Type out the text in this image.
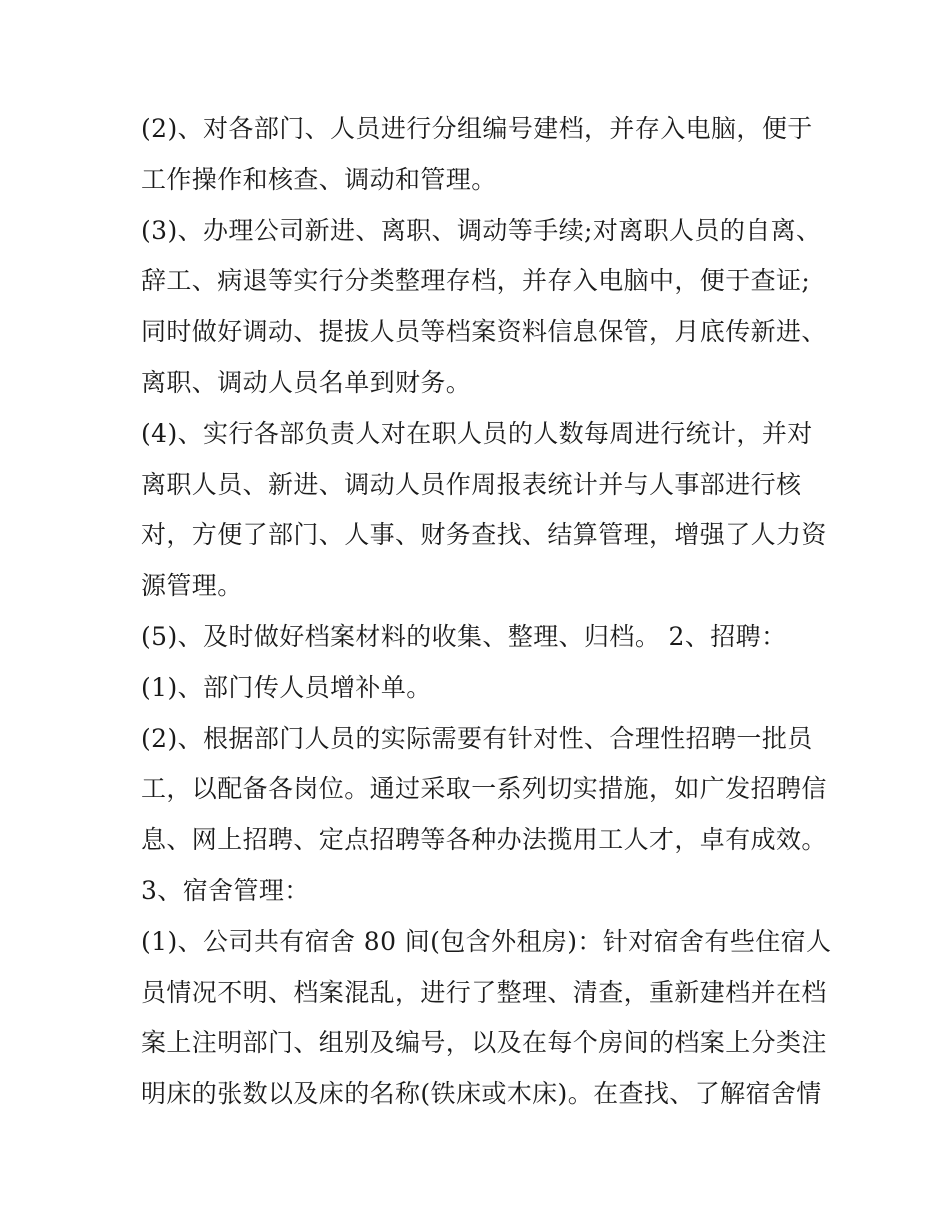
(2)、对各部门、人员进行分组编号建档，并存入电脑，便于
工作操作和核查、调动和管理。
(3)、办理公司新进、离职、调动等手续;对离职人员的自离、
辞工、病退等实行分类整理存档，并存入电脑中，便于查证;
同时做好调动、提拔人员等档案资料信息保管，月底传新进、
离职、调动人员名单到财务。
(4)、实行各部负责人对在职人员的人数每周进行统计，并对
离职人员、新进、调动人员作周报表统计并与人事部进行核
对，方便了部门、人事、财务查找、结算管理，增强了人力资
源管理。
(5)、及时做好档案材料的收集、整理、归档。 2、招聘：
(1)、部门传人员增补单。
(2)、根据部门人员的实际需要有针对性、合理性招聘一批员
工，以配备各岗位。通过采取一系列切实措施，如广发招聘信
息、网上招聘、定点招聘等各种办法揽用工人才，卓有成效。
3、宿舍管理：
(1)、公司共有宿舍 80 间(包含外租房)：针对宿舍有些住宿人
员情况不明、档案混乱，进行了整理、清查，重新建档并在档
案上注明部门、组别及编号，以及在每个房间的档案上分类注
明床的张数以及床的名称(铁床或木床)。在查找、了解宿舍情
